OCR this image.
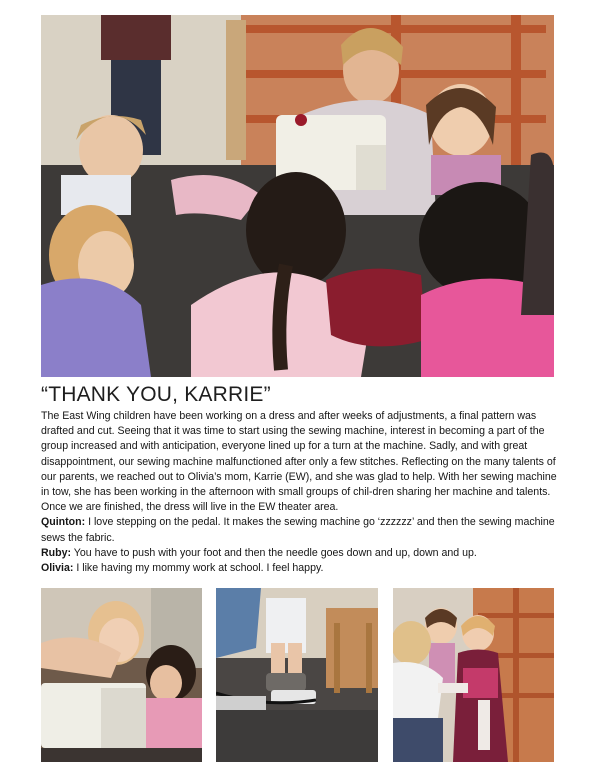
“THANK YOU, KARRIE”

The East Wing children have been working on a dress and after weeks of adjustments, a final pattern was drafted and cut. Seeing that it was time to start using the sewing machine, interest in becoming a part of the group increased and with anticipation, everyone lined up for a turn at the machine. Sadly, and with great disappointment, our sewing machine malfunctioned after only a few stitches. Reflecting on the many talents of our parents, we reached out to Olivia’s mom, Karrie (EW), and she was glad to help. With her sewing machine in tow, she has been working in the afternoon with small groups of chil-dren sharing her machine and talents. Once we are finished, the dress will live in the EW theater area.

Quinton: I love stepping on the pedal. It makes the sewing machine go ‘zzzzzz’ and then the sewing machine sews the fabric.

Ruby: You have to push with your foot and then the needle goes down and up, down and up.

Olivia: I like having my mommy work at school. I feel happy.
